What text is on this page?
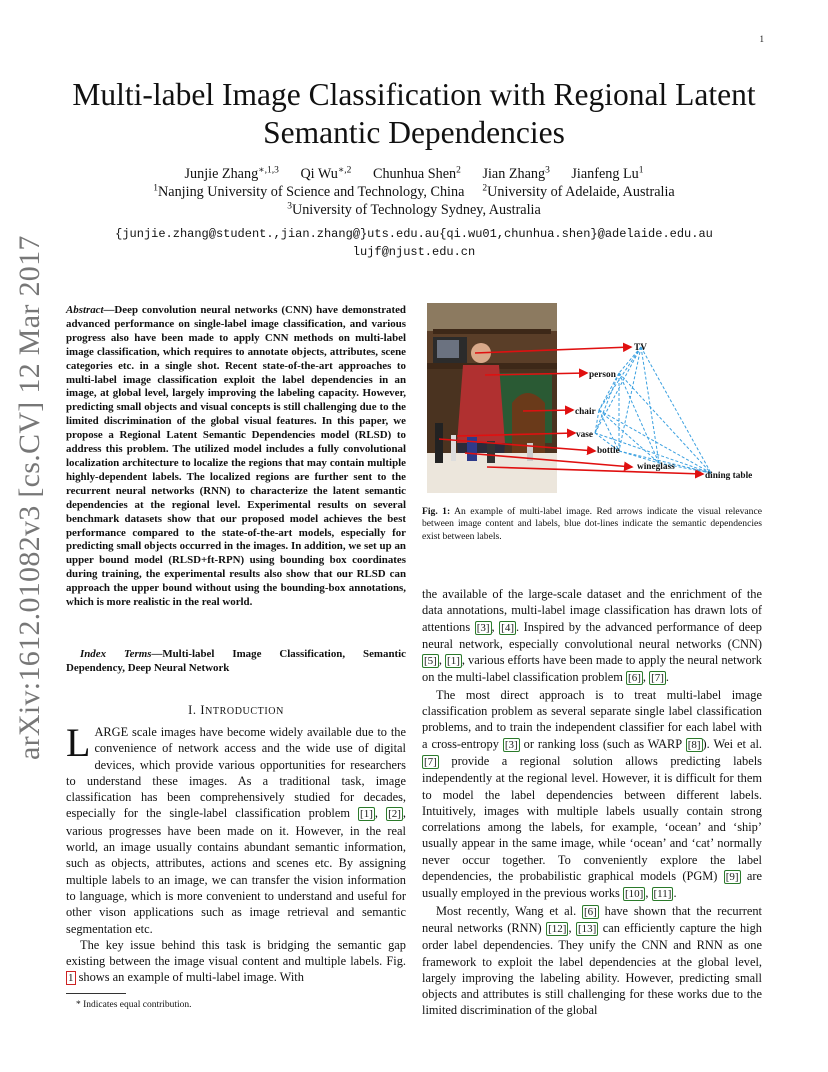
1
Multi-label Image Classification with Regional Latent Semantic Dependencies
Junjie Zhang$^{∗,1,3}$ Qi $Wu^{∗,2}$ Chunhua Shen$^2$ Jian Zhang$^3$ Jianfeng Lu$^1$
$^1$Nanjing University of Science and Technology, China $^2$University of Adelaide, Australia
$^3$University of Technology Sydney, Australia
{junjie.zhang@student.,jian.zhang@}uts.edu.au{qi.wu01,chunhua.shen}@adelaide.edu.au
lujf@njust.edu.cn
arXiv:1612.01082v3 [cs.CV] 12 Mar 2017	Abstract—Deep convolution neural networks (CNN) have demonstrated advanced performance on single-label image classification, and various progress also have been made to apply CNN methods on multi-label image classification, which requires to annotate objects, attributes, scene categories etc. in a single shot. Recent state-of-the-art approaches to multi-label image classification exploit the label dependencies in an image, at global level, largely improving the labeling capacity. However, predicting small objects and visual concepts is still challenging due to the limited discrimination of the global visual features. In this paper, we propose a Regional Latent Semantic Dependencies model (RLSD) to address this problem. The utilized model includes a fully convolutional localization architecture to localize the regions that may contain multiple highly-dependent labels. The localized regions are further sent to the recurrent neural networks (RNN) to characterize the latent semantic dependencies at the regional level. Experimental results on several benchmark datasets show that our proposed model achieves the best performance compared to the state-of-the-art models, especially for predicting small objects occurred in the images. In addition, we set up an upper bound model (RLSD+ft-RPN) using bounding box coordinates during training, the experimental results also show that our RLSD can approach the upper bound without using the bounding-box annotations, which is more realistic in the real world.
Index Terms—Multi-label Image Classification, Semantic Dependency, Deep Neural Network
I. INTRODUCTION

LARGE scale images have become widely available due to the convenience of network access and the wide use of digital devices, which provide various opportunities for researchers to understand these images. As a traditional task, image classification has been comprehensively studied for decades, especially for the single-label classification problem [1] , [2] , various progresses have been made on it. However, in the real world, an image usually contains abundant semantic information, such as objects, attributes, actions and scenes etc. By assigning multiple labels to an image, we can transfer the vision information to language, which is more convenient to understand and useful for other vison applications such as image retrieval and semantic segmentation etc.

The key issue behind this task is bridging the semantic gap existing between the image visual content and multiple labels. Fig. 1 shows an example of multi-label image. With

* Indicates equal contribution.
TV
person
chair
vase
bottle
wineglass
dining table
Fig. 1: An example of multi-label image. Red arrows indicate the visual relevance between image content and labels, blue dot-lines indicate the semantic dependencies exist between labels.

the available of the large-scale dataset and the enrichment of the data annotations, multi-label image classification has drawn lots of attentions [3] , [4] . Inspired by the advanced performance of deep neural network, especially convolutional neural networks (CNN) [5] , [1] , various efforts have been made to apply the neural network on the multi-label classification problem [6] , [7] .

The most direct approach is to treat multi-label image classification problem as several separate single label classification problems, and to train the independent classifier for each label with a cross-entropy [3] or ranking loss (such as WARP [8] ). Wei et al. [7] provide a regional solution allows predicting labels independently at the regional level. However, it is difficult for them to model the label dependencies between different labels. Intuitively, images with multiple labels usually contain strong correlations among the labels, for example, ‘ocean’ and ‘ship’ usually appear in the same image, while ‘ocean’ and ‘cat’ normally never occur together. To conveniently explore the label dependencies, the probabilistic graphical models (PGM) [9] are usually employed in the previous works [10] , [11] .

Most recently, Wang et al. [6] have shown that the recurrent neural networks (RNN) [12] , [13] can efficiently capture the high order label dependencies. They unify the CNN and RNN as one framework to exploit the label dependencies at the global level, largely improving the labeling ability. However, predicting small objects and attributes is still challenging for these works due to the limited discrimination of the global
